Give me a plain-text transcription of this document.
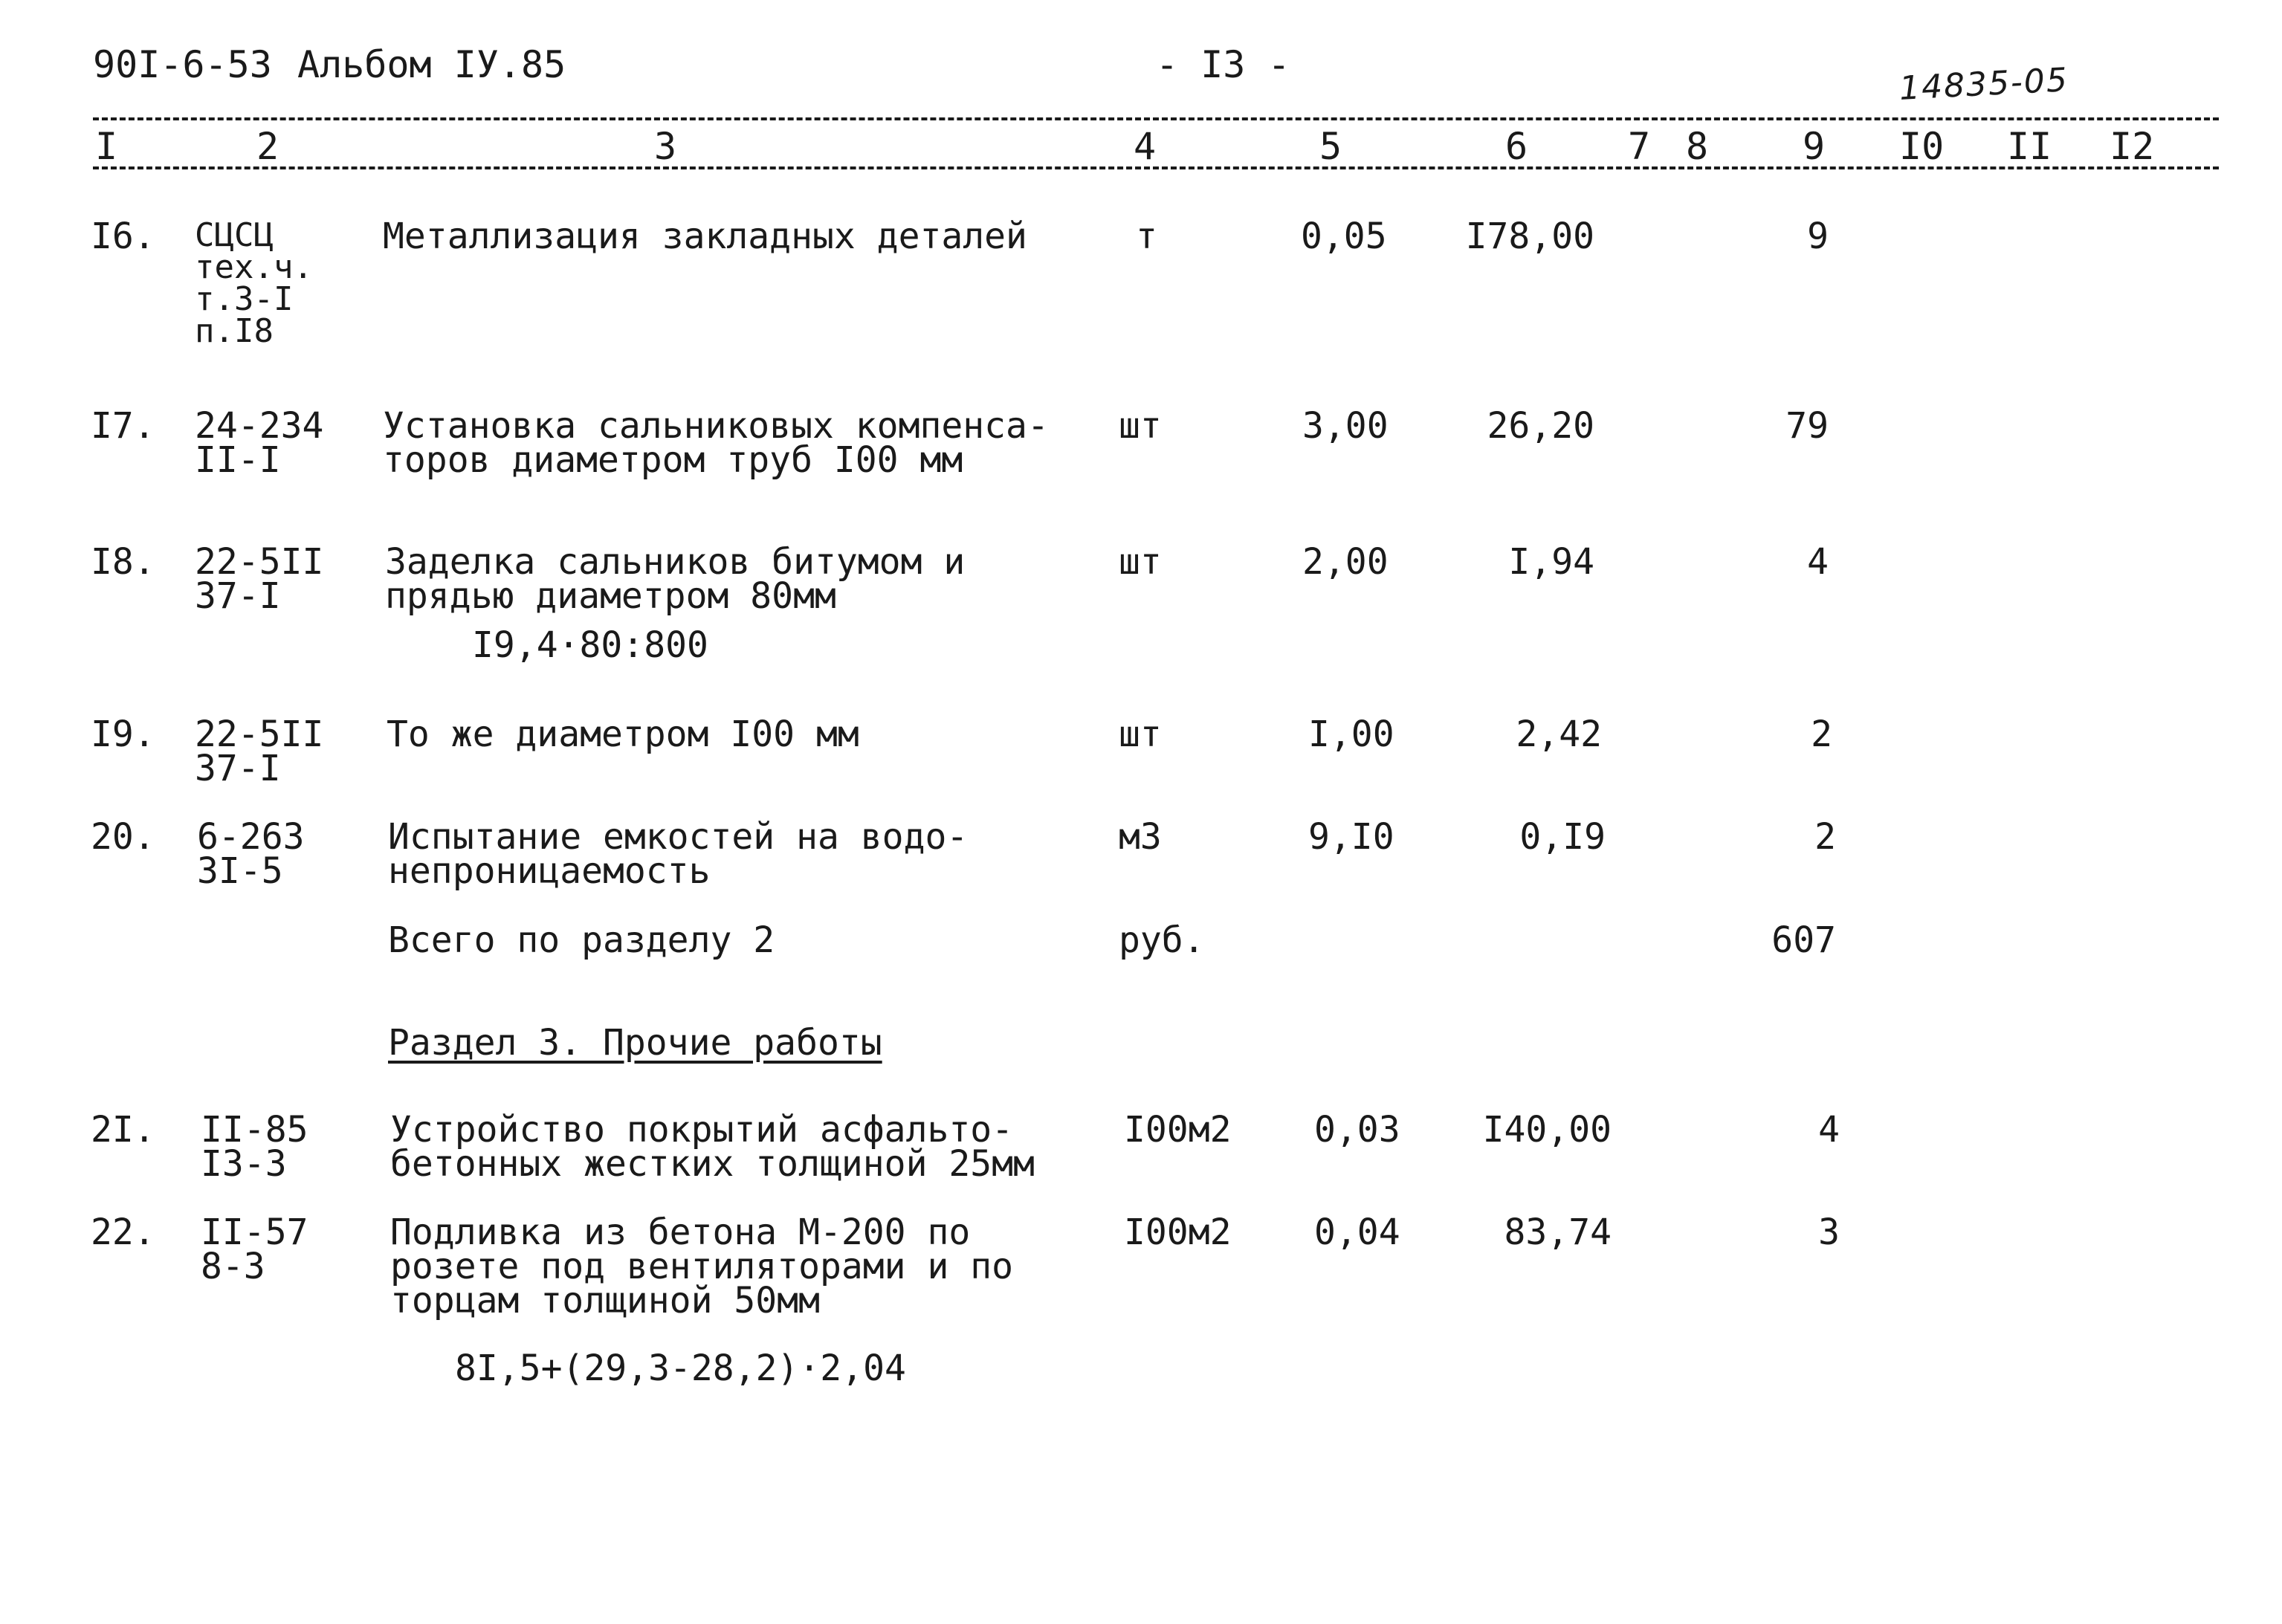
90I-6-53 Альбом IУ.85	- I3 -	14835-05
I	2	3	4	5	6	7 8	9 I0 II I2
I6. СЦСЦ
тех.ч.
т.3-I
п.I8
Металлизация закладных деталей	т	0,05 I78,00	9
I7. 24-234
II-I
Установка сальниковых компенса-
торов диаметром труб I00 мм
шт	3,00	26,20	79
I8. 22-5II
37-I
Заделка сальников битумом и
прядью диаметром 80мм
I9,4·80:800
шт	2,00	I,94	4
I9. 22-5II
37-I
То же диаметром I00 мм	шт	I,00	2,42	2
20. 6-263
3I-5
Испытание емкостей на водо-
непроницаемость
м3	9,I0	0,I9	2
Всего по разделу 2	руб.	607
Раздел 3. Прочие работы
2I. II-85
I3-3
Устройство покрытий асфальто-
бетонных жестких толщиной 25мм
I00м2 0,03	I40,00	4
22. II-57
8-3
Подливка из бетона М-200 по
розете под вентиляторами и по
торцам толщиной 50мм
8I,5+(29,3-28,2)·2,04
I00м2 0,04	83,74	3
